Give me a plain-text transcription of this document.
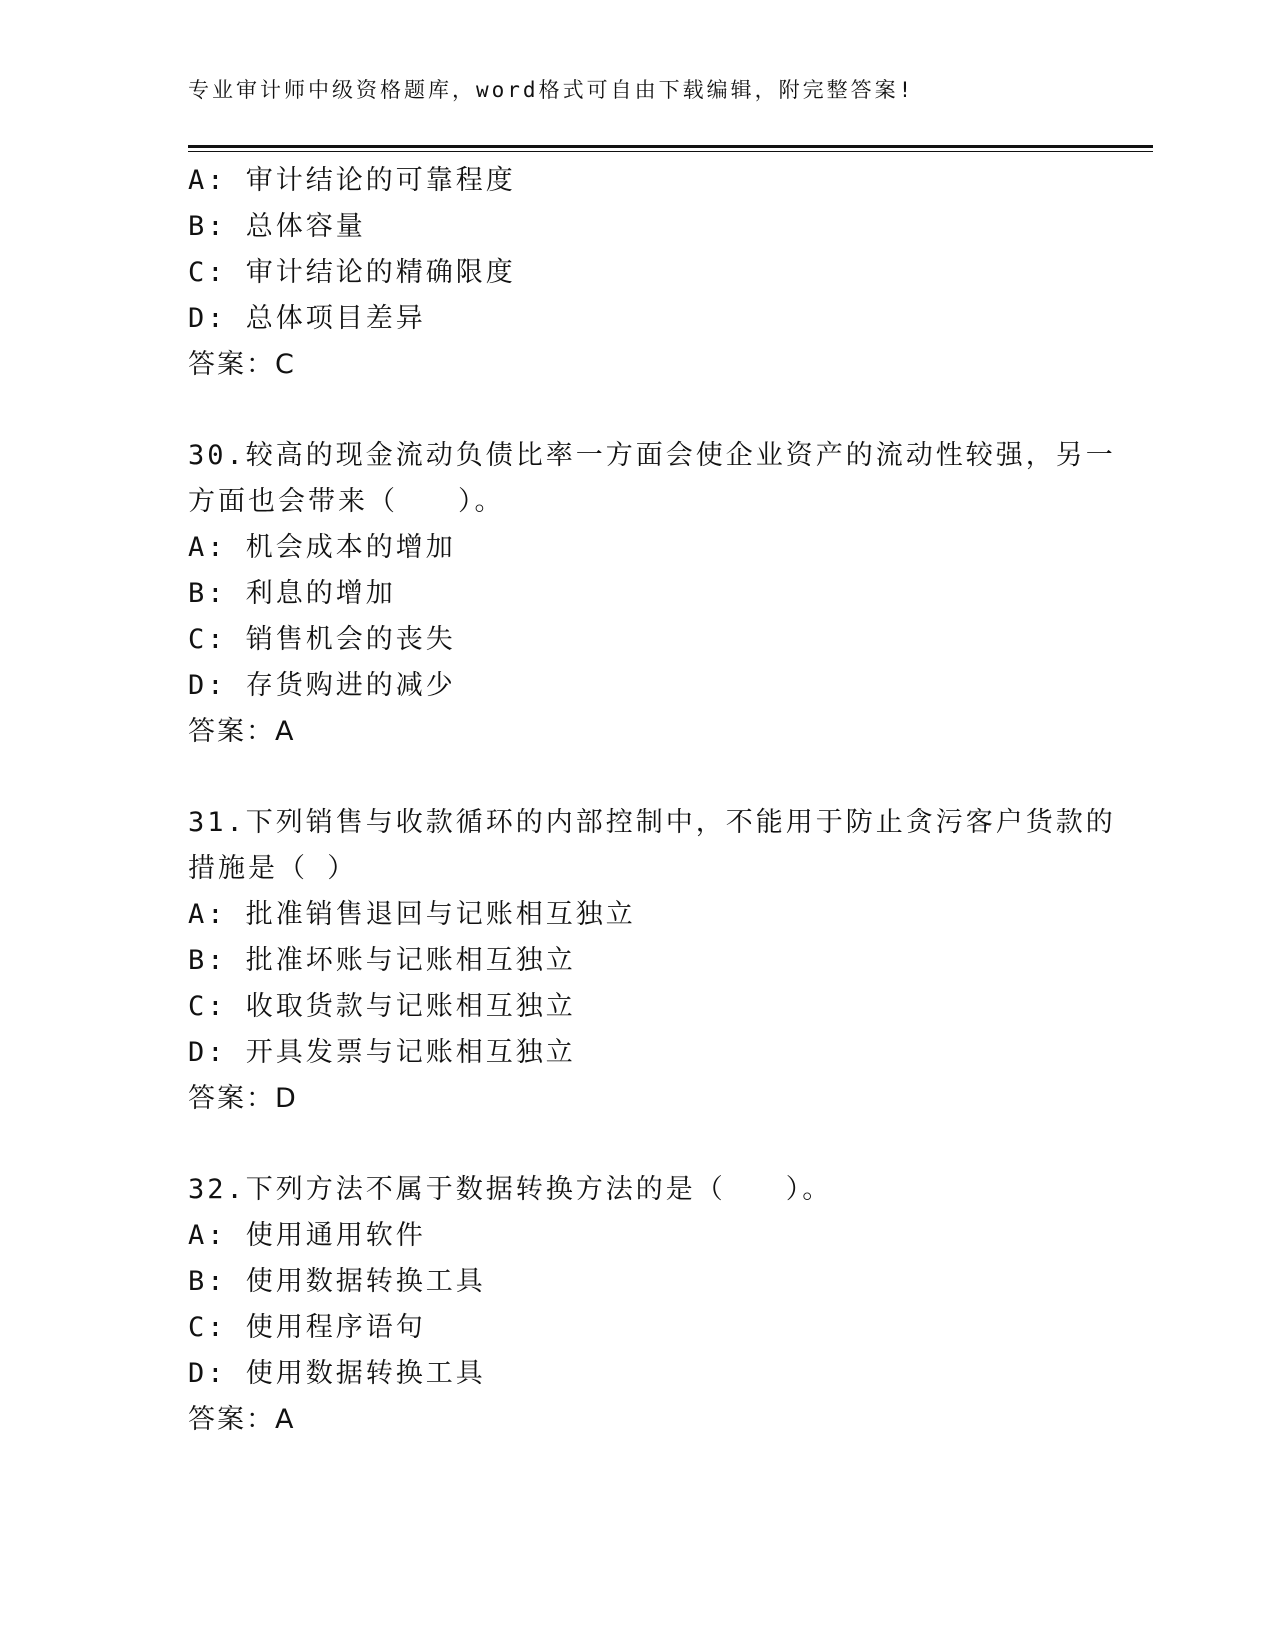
专业审计师中级资格题库，word格式可自由下载编辑，附完整答案!
A: 审计结论的可靠程度
B: 总体容量
C: 审计结论的精确限度
D: 总体项目差异
答案：C
30.较高的现金流动负债比率一方面会使企业资产的流动性较强，另一
方面也会带来（　　）。
A: 机会成本的增加
B: 利息的增加
C: 销售机会的丧失
D: 存货购进的减少
答案：A
31.下列销售与收款循环的内部控制中，不能用于防止贪污客户货款的
措施是（ ）
A: 批准销售退回与记账相互独立
B: 批准坏账与记账相互独立
C: 收取货款与记账相互独立
D: 开具发票与记账相互独立
答案：D
32.下列方法不属于数据转换方法的是（　　）。
A: 使用通用软件
B: 使用数据转换工具
C: 使用程序语句
D: 使用数据转换工具
答案：A
